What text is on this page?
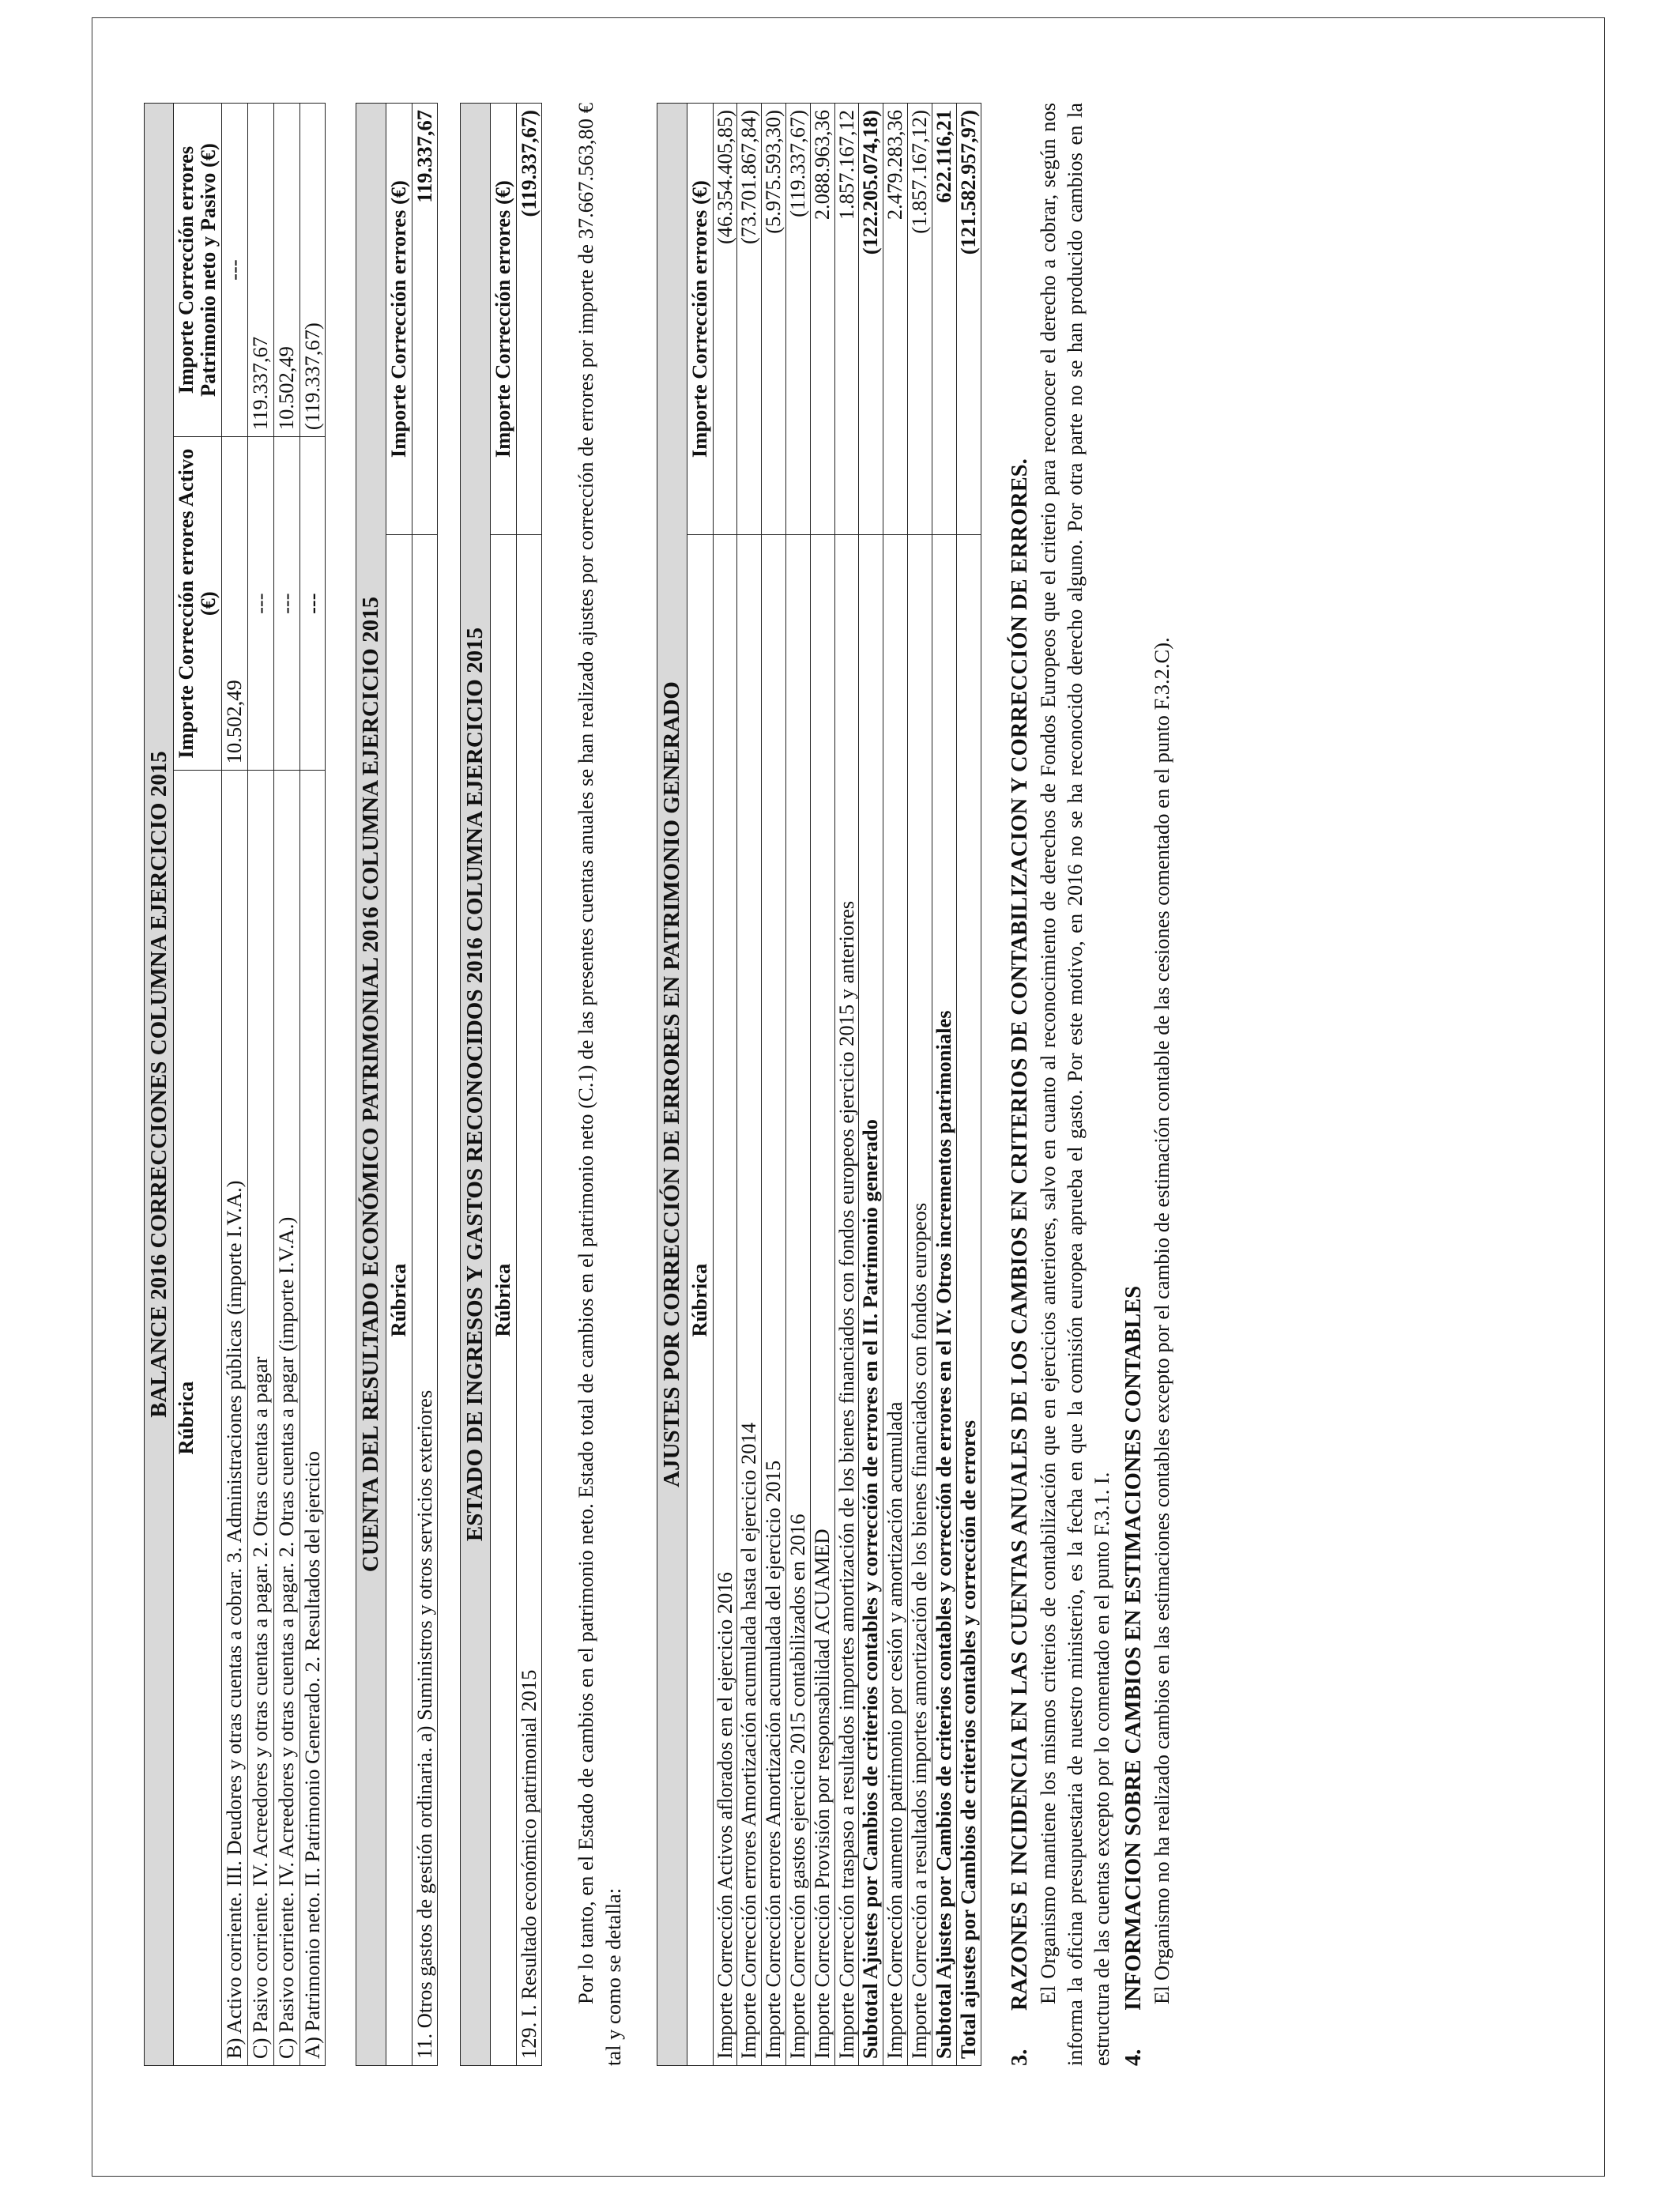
BALANCE 2016 CORRECCIONES COLUMNA EJERCICIO 2015		
Rúbrica	Importe Corrección errores Activo (€)	Importe Corrección errores Patrimonio neto y Pasivo (€)
B) Activo corriente. III. Deudores y otras cuentas a cobrar. 3. Administraciones públicas (importe I.V.A.)	10.502,49	---
C) Pasivo corriente. IV. Acreedores y otras cuentas a pagar. 2. Otras cuentas a pagar	---	119.337,67
C) Pasivo corriente. IV. Acreedores y otras cuentas a pagar. 2. Otras cuentas a pagar (importe I.V.A.)	---	10.502,49
A) Patrimonio neto. II. Patrimonio Generado. 2. Resultados del ejercicio	---	(119.337,67)
CUENTA DEL RESULTADO ECONÓMICO PATRIMONIAL 2016 COLUMNA EJERCICIO 2015	
Rúbrica	Importe Corrección errores (€)
11. Otros gastos de gestión ordinaria. a) Suministros y otros servicios exteriores	119.337,67
ESTADO DE INGRESOS Y GASTOS RECONOCIDOS 2016 COLUMNA EJERCICIO 2015	
Rúbrica	Importe Corrección errores (€)
129. I. Resultado económico patrimonial 2015	(119.337,67) Por lo tanto, en el Estado de cambios en el patrimonio neto. Estado total de cambios en el patrimonio neto (C.1) de las presentes cuentas anuales se han realizado ajustes por corrección de errores por importe de 37.667.563,80 € tal y como se detalla:

AJUSTES POR CORRECCIÓN DE ERRORES EN PATRIMONIO GENERADO	
Rúbrica	Importe Corrección errores (€)
Importe Corrección Activos aflorados en el ejercicio 2016	(46.354.405,85)
Importe Corrección errores Amortización acumulada hasta el ejercicio 2014	(73.701.867,84)
Importe Corrección errores Amortización acumulada del ejercicio 2015	(5.975.593,30)
Importe Corrección gastos ejercicio 2015 contabilizados en 2016	(119.337,67)
Importe Corrección Provisión por responsabilidad ACUAMED	2.088.963,36
Importe Corrección traspaso a resultados importes amortización de los bienes financiados con fondos europeos ejercicio 2015 y anteriores	1.857.167,12
Subtotal Ajustes por Cambios de criterios contables y corrección de errores en el II. Patrimonio generado	(122.205.074,18)
Importe Corrección aumento patrimonio por cesión y amortización acumulada	2.479.283,36
Importe Corrección a resultados importes amortización de los bienes financiados con fondos europeos	(1.857.167,12)
Subtotal Ajustes por Cambios de criterios contables y corrección de errores en el IV. Otros incrementos patrimoniales	622.116,21
Total ajustes por Cambios de criterios contables y corrección de errores	(121.582.957,97)

3.RAZONES E INCIDENCIA EN LAS CUENTAS ANUALES DE LOS CAMBIOS EN CRITERIOS DE CONTABILIZACION Y CORRECCIÓN DE ERRORES. El Organismo mantiene los mismos criterios de contabilización que en ejercicios anteriores, salvo en cuanto al reconocimiento de derechos de Fondos Europeos que el criterio para reconocer el derecho a cobrar, según nos informa la oficina presupuestaria de nuestro ministerio, es la fecha en que la comisión europea aprueba el gasto. Por este motivo, en 2016 no se ha reconocido derecho alguno. Por otra parte no se han producido cambios en la estructura de las cuentas excepto por lo comentado en el punto F.3.1. I. 4.INFORMACION SOBRE CAMBIOS EN ESTIMACIONES CONTABLES El Organismo no ha realizado cambios en las estimaciones contables excepto por el cambio de estimación contable de las cesiones comentado en el punto F.3.2.C).
